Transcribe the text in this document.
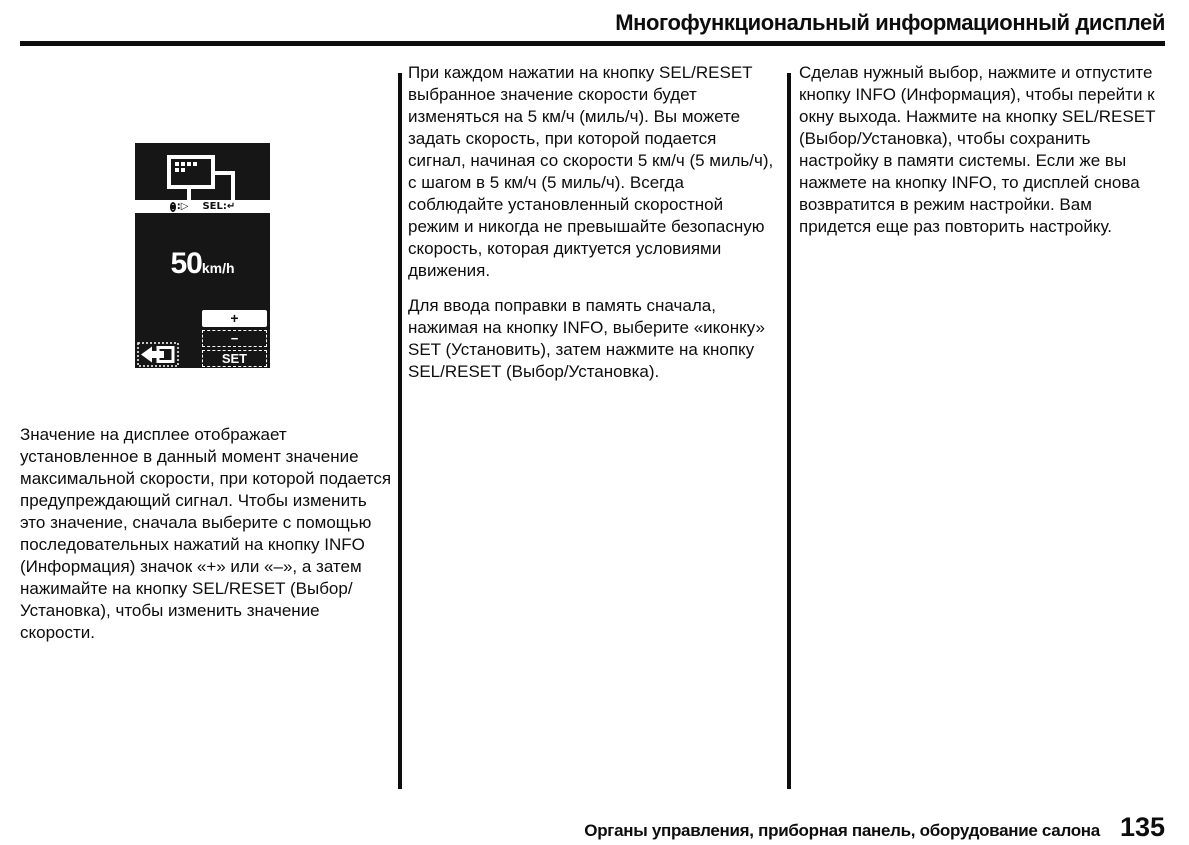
Многофункциональный информационный дисплей
:▷ SEL:↵
50km/h
+
−
SET

Значение на дисплее отображает установленное в данный момент значение максимальной скорости, при которой подается предупреждающий сигнал. Чтобы изменить это значение, сначала выберите с помощью последовательных нажатий на кнопку INFO (Информация) значок «+» или «–», а затем нажимайте на кнопку SEL/RESET (Выбор/Установка), чтобы изменить значение скорости.

При каждом нажатии на кнопку SEL/RESET выбранное значение скорости будет изменяться на 5 км/ч (миль/ч). Вы можете задать скорость, при которой подается сигнал, начиная со скорости 5 км/ч (5 миль/ч), с шагом в 5 км/ч (5 миль/ч). Всегда соблюдайте установленный скоростной режим и никогда не превышайте безопасную скорость, которая диктуется условиями движения.

Для ввода поправки в память сначала, нажимая на кнопку INFO, выберите «иконку» SET (Установить), затем нажмите на кнопку SEL/RESET (Выбор/Установка).

Сделав нужный выбор, нажмите и отпустите кнопку INFO (Информация), чтобы перейти к окну выхода. Нажмите на кнопку SEL/RESET (Выбор/Установка), чтобы сохранить настройку в памяти системы. Если же вы нажмете на кнопку INFO, то дисплей снова возвратится в режим настройки. Вам придется еще раз повторить настройку.

Органы управления, приборная панель, оборудование салона 135
